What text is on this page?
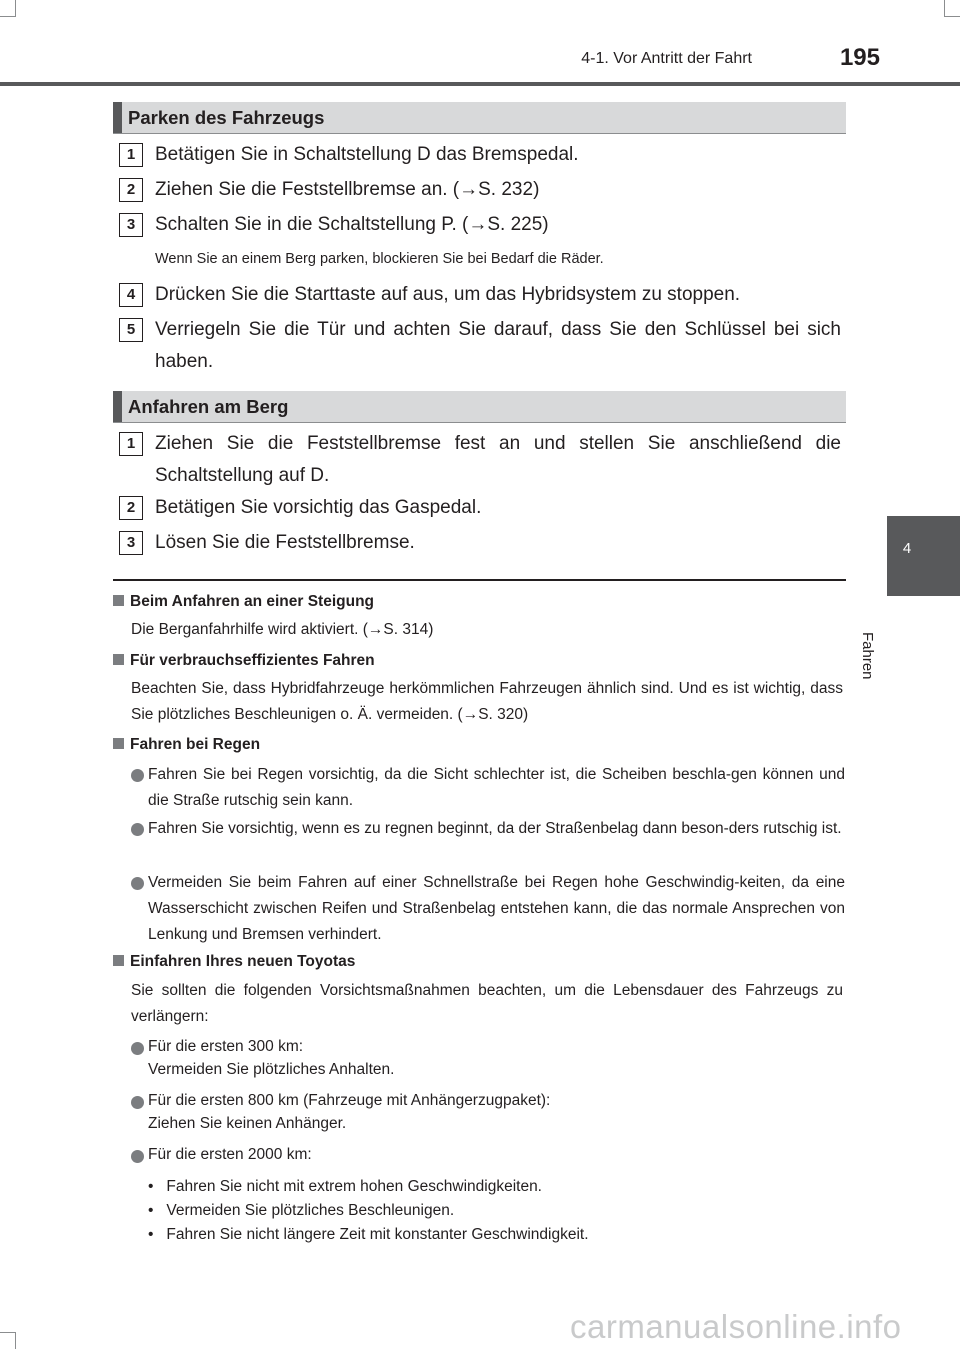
4-1. Vor Antritt der Fahrt	195
4
Fahren
Parken des Fahrzeugs
1	Betätigen Sie in Schaltstellung D das Bremspedal.
2	Ziehen Sie die Feststellbremse an. (→S. 232)
3	Schalten Sie in die Schaltstellung P. (→S. 225)
Wenn Sie an einem Berg parken, blockieren Sie bei Bedarf die Räder.
4	Drücken Sie die Starttaste auf aus, um das Hybridsystem zu stoppen.
5	Verriegeln Sie die Tür und achten Sie darauf, dass Sie den Schlüssel bei sich haben.
Anfahren am Berg
1	Ziehen Sie die Feststellbremse fest an und stellen Sie anschließend die Schaltstellung auf D.
2	Betätigen Sie vorsichtig das Gaspedal.
3	Lösen Sie die Feststellbremse.
Beim Anfahren an einer Steigung
Die Berganfahrhilfe wird aktiviert. (→S. 314)
Für verbrauchseffizientes Fahren
Beachten Sie, dass Hybridfahrzeuge herkömmlichen Fahrzeugen ähnlich sind. Und es ist wichtig, dass Sie plötzliches Beschleunigen o. Ä. vermeiden. (→S. 320)
Fahren bei Regen
Fahren Sie bei Regen vorsichtig, da die Sicht schlechter ist, die Scheiben beschla-gen können und die Straße rutschig sein kann.
Fahren Sie vorsichtig, wenn es zu regnen beginnt, da der Straßenbelag dann beson-ders rutschig ist.
Vermeiden Sie beim Fahren auf einer Schnellstraße bei Regen hohe Geschwindig-keiten, da eine Wasserschicht zwischen Reifen und Straßenbelag entstehen kann, die das normale Ansprechen von Lenkung und Bremsen verhindert.
Einfahren Ihres neuen Toyotas
Sie sollten die folgenden Vorsichtsmaßnahmen beachten, um die Lebensdauer des Fahrzeugs zu verlängern:
Für die ersten 300 km:
Vermeiden Sie plötzliches Anhalten.
Für die ersten 800 km (Fahrzeuge mit Anhängerzugpaket):
Ziehen Sie keinen Anhänger.
Für die ersten 2000 km:
•   Fahren Sie nicht mit extrem hohen Geschwindigkeiten.
•   Vermeiden Sie plötzliches Beschleunigen.
•   Fahren Sie nicht längere Zeit mit konstanter Geschwindigkeit.
carmanualsonline.info
